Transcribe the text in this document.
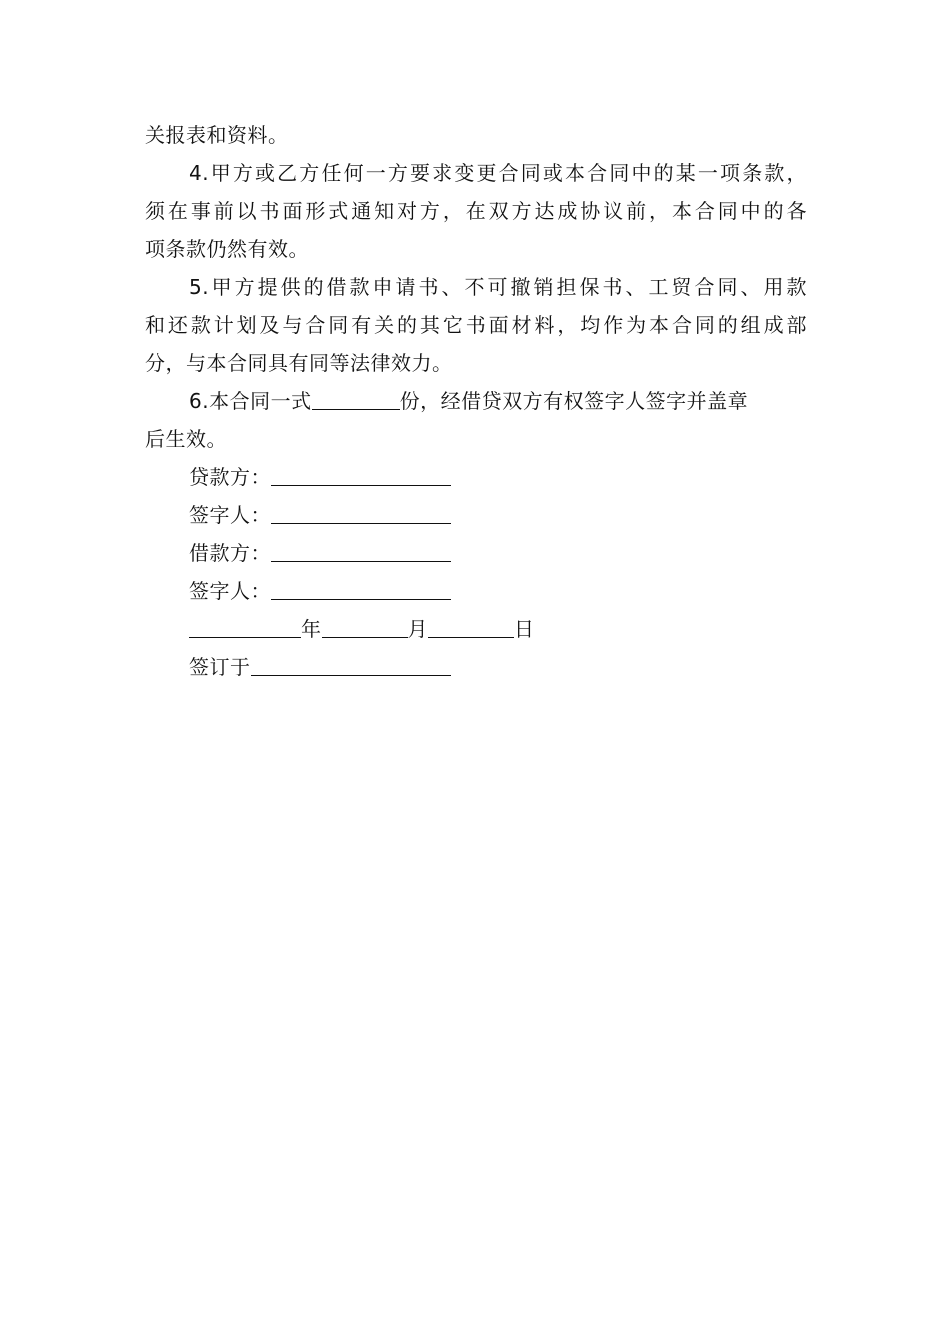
关报表和资料。
4.甲方或乙方任何一方要求变更合同或本合同中的某一项条款，
须在事前以书面形式通知对方，在双方达成协议前，本合同中的各
项条款仍然有效。
5.甲方提供的借款申请书、不可撤销担保书、工贸合同、用款
和还款计划及与合同有关的其它书面材料，均作为本合同的组成部
分，与本合同具有同等法律效力。
6.本合同一式	份，经借贷双方有权签字人签字并盖章
后生效。
贷款方：
签字人：
借款方：
签字人：
年	月	日
签订于
